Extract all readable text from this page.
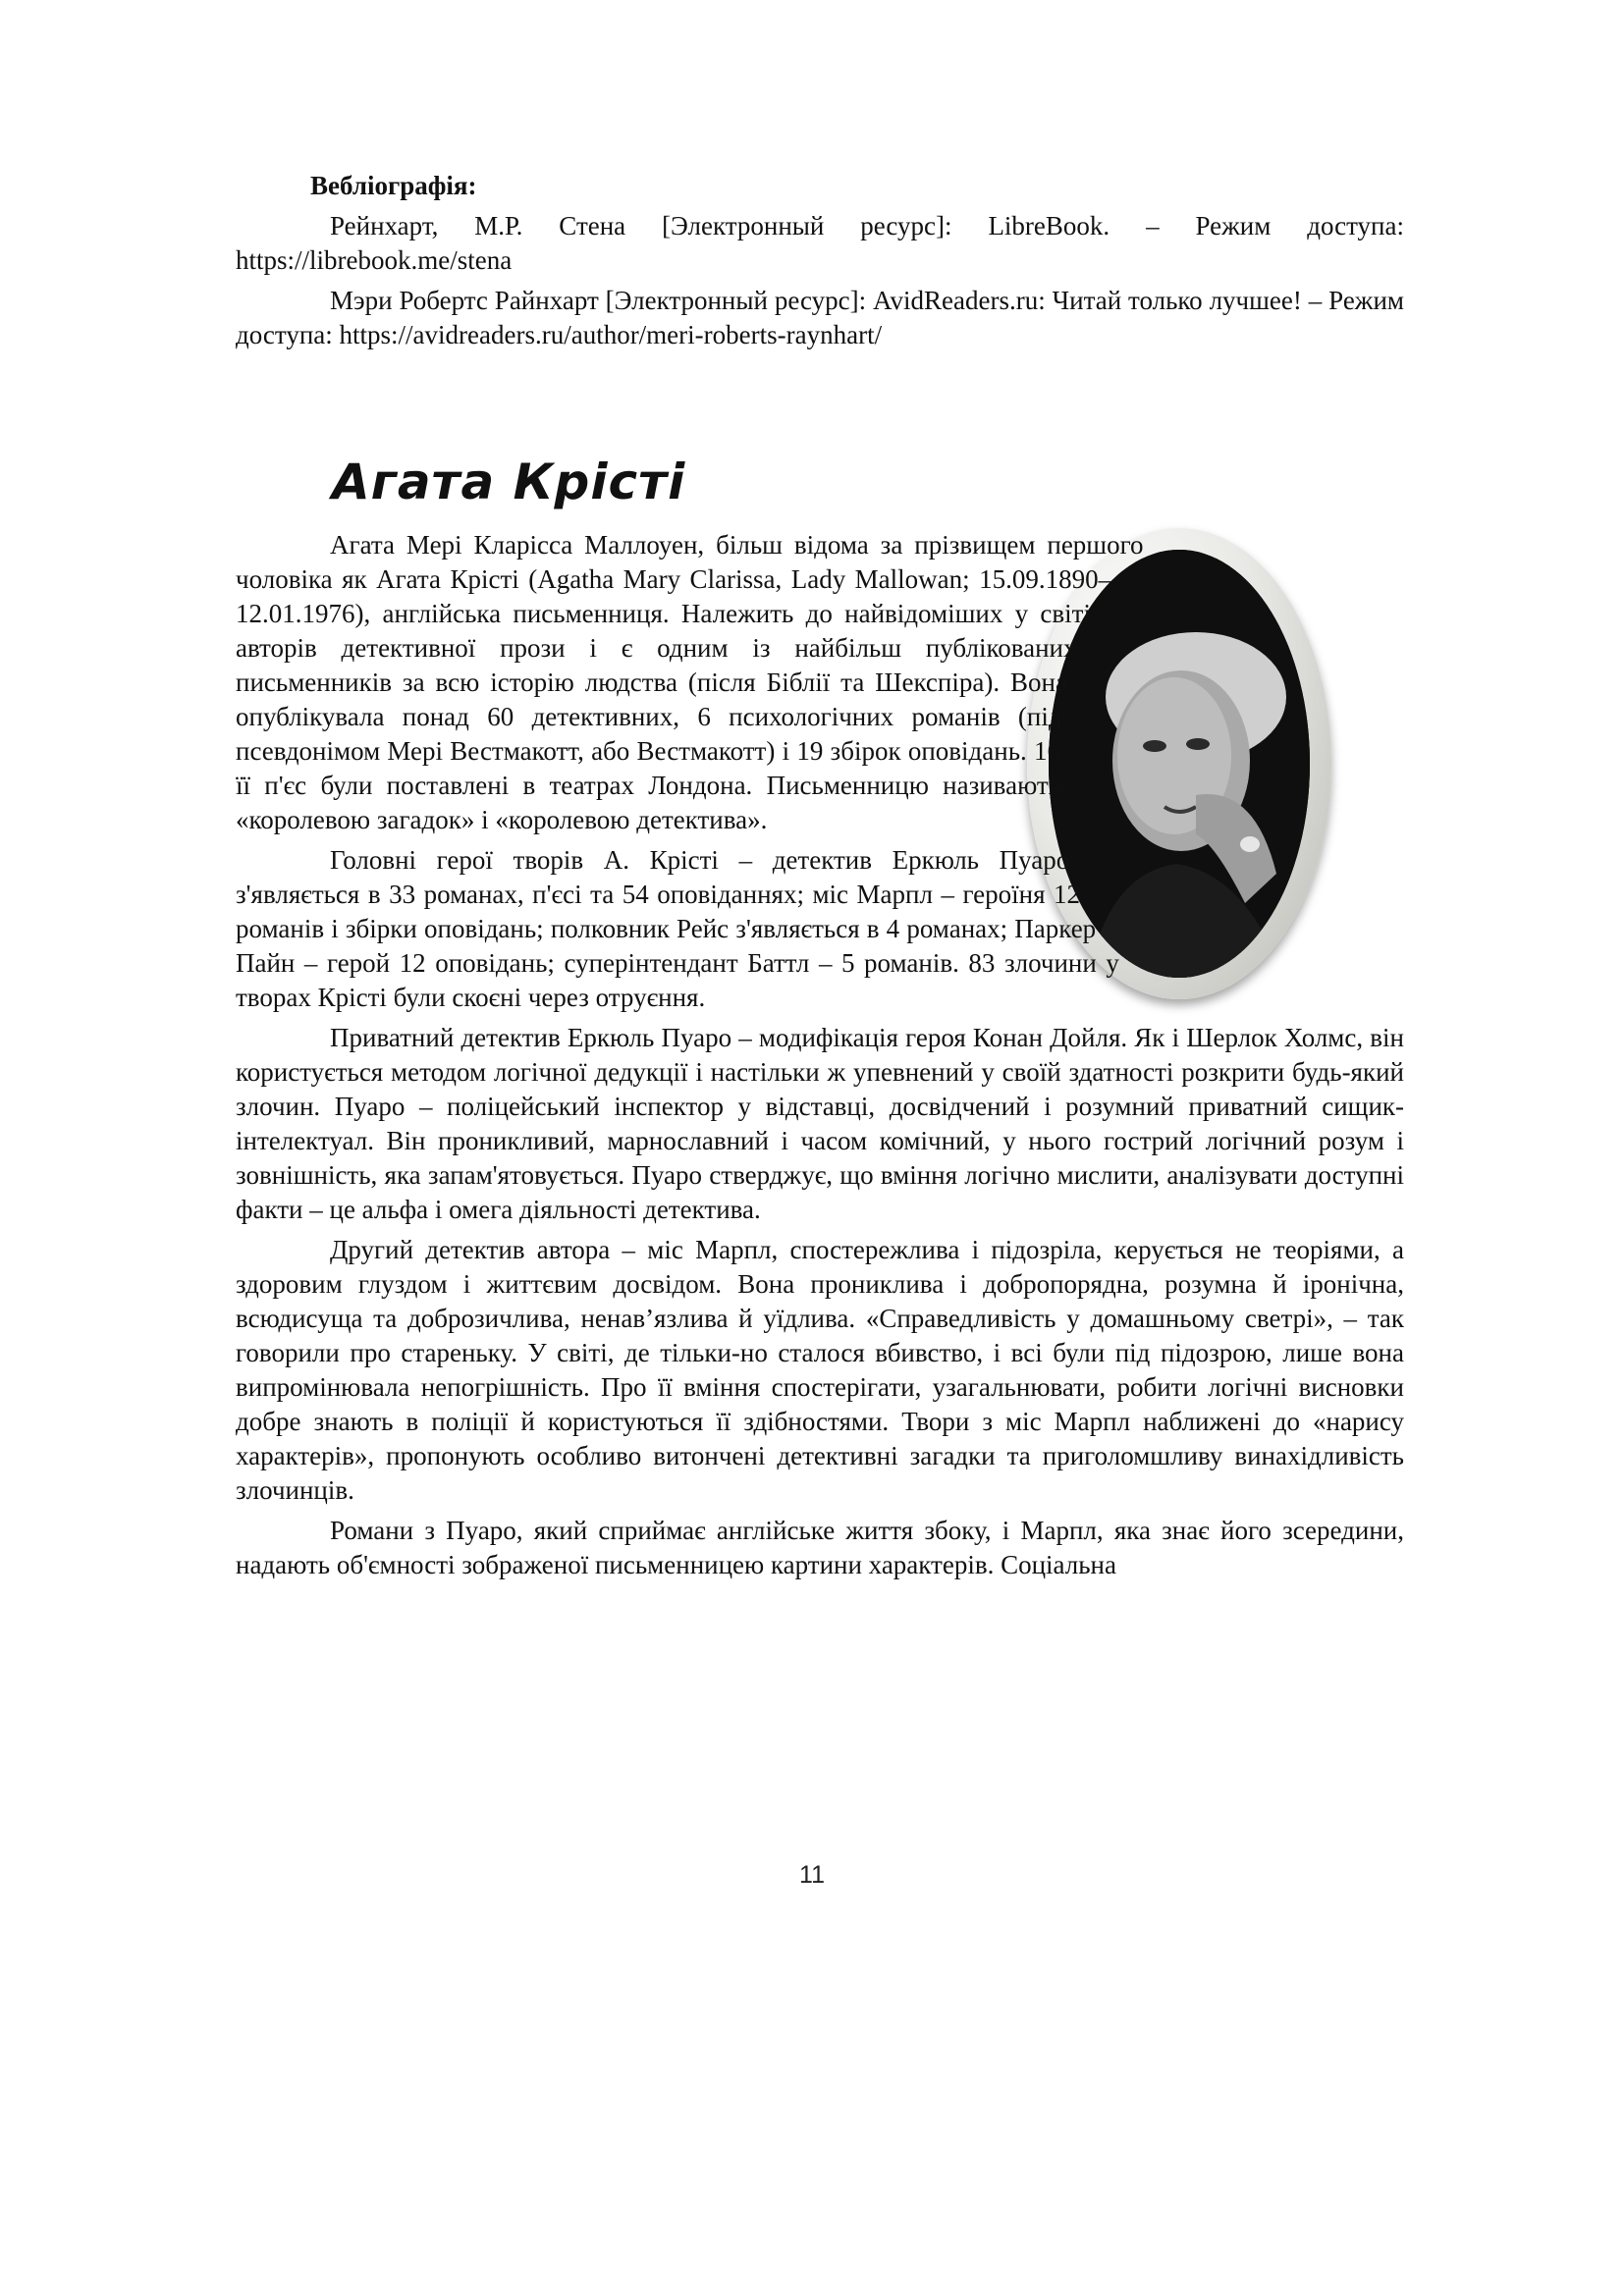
Вебліографія:

Рейнхарт, М.Р. Стена [Электронный ресурс]: LibreBook. – Режим доступа: https://librebook.me/stena

Мэри Робертс Райнхарт [Электронный ресурс]: AvidReaders.ru: Читай только лучшее! – Режим доступа: https://avidreaders.ru/author/meri-roberts-raynhart/

Агата Крісті

Агата Мері Кларісса Маллоуен, більш відома за прізвищем першого чоловіка як Агата Крісті (Agatha Mary Clarissa, Lady Mallowan; 15.09.1890–12.01.1976), англійська письменниця. Належить до найвідоміших у світі авторів детективної прози і є одним із найбільш публікованих письменників за всю історію людства (після Біблії та Шекспіра). Вона опублікувала понад 60 детективних, 6 психологічних романів (під псевдонімом Мері Вестмакотт, або Вестмакотт) і 19 збірок оповідань. 16 її п'єс були поставлені в театрах Лондона. Письменницю називають «королевою загадок» і «королевою детектива».

Головні герої творів А. Крісті – детектив Еркюль Пуаро з'являється в 33 романах, п'єсі та 54 оповіданнях; міс Марпл – героїня 12 романів і збірки оповідань; полковник Рейс з'являється в 4 романах; Паркер Пайн – герой 12 оповідань; суперінтендант Баттл – 5 романів. 83 злочини у творах Крісті були скоєні через отруєння.

Приватний детектив Еркюль Пуаро – модифікація героя Конан Дойля. Як і Шерлок Холмс, він користується методом логічної дедукції і настільки ж упевнений у своїй здатності розкрити будь-який злочин. Пуаро – поліцейський інспектор у відставці, досвідчений і розумний приватний сищик-інтелектуал. Він проникливий, марнославний і часом комічний, у нього гострий логічний розум і зовнішність, яка запам'ятовується. Пуаро стверджує, що вміння логічно мислити, аналізувати доступні факти – це альфа і омега діяльності детектива.

Другий детектив автора – міс Марпл, спостережлива і підозріла, керується не теоріями, а здоровим глуздом і життєвим досвідом. Вона прониклива і добропорядна, розумна й іронічна, всюдисуща та доброзичлива, ненав’язлива й уїдлива. «Справедливість у домашньому светрі», – так говорили про стареньку. У світі, де тільки-но сталося вбивство, і всі були під підозрою, лише вона випромінювала непогрішність. Про її вміння спостерігати, узагальнювати, робити логічні висновки добре знають в поліції й користуються її здібностями. Твори з міс Марпл наближені до «нарису характерів», пропонують особливо витончені детективні загадки та приголомшливу винахідливість злочинців.

Романи з Пуаро, який сприймає англійське життя збоку, і Марпл, яка знає його зсередини, надають об'ємності зображеної письменницею картини характерів. Соціальна

11
